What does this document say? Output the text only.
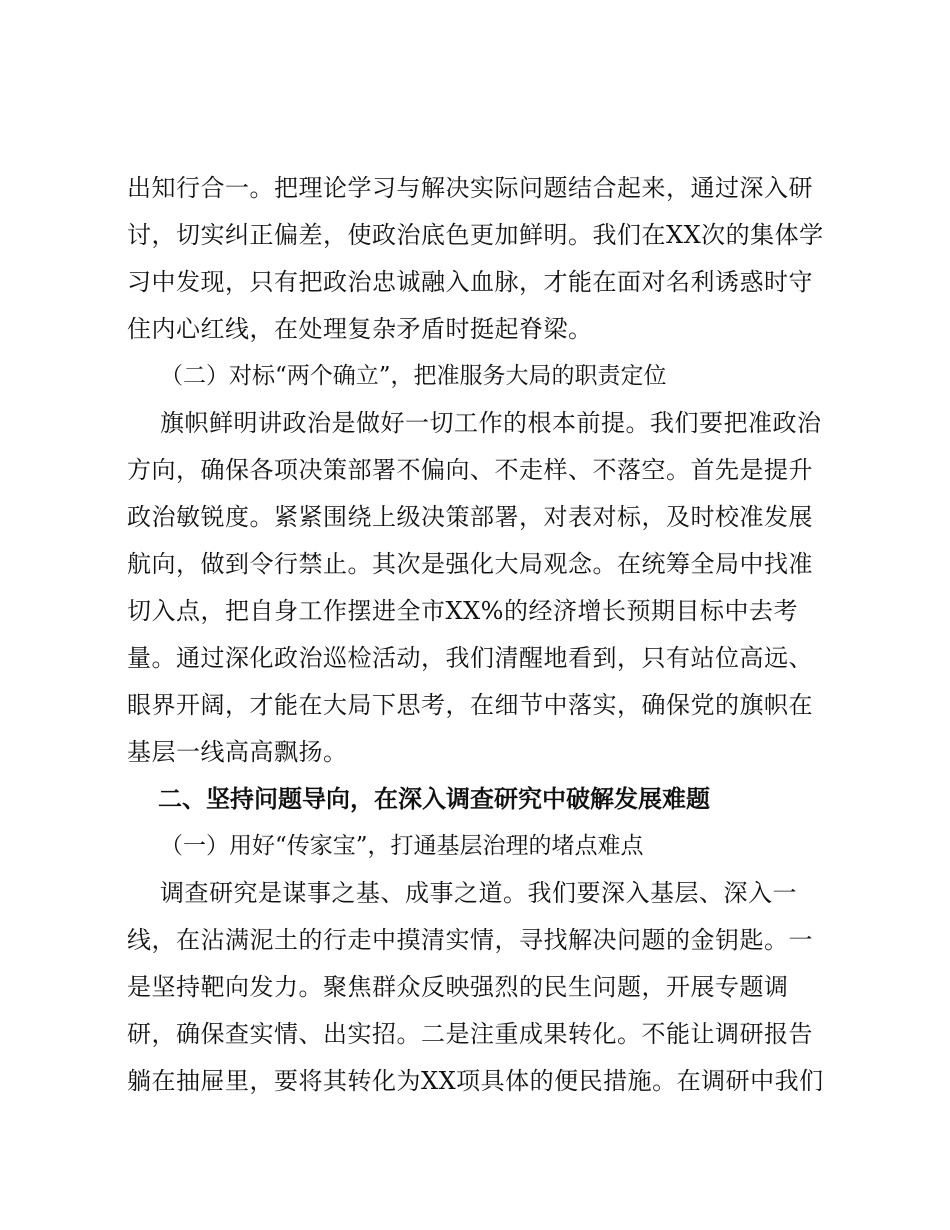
出知行合一。把理论学习与解决实际问题结合起来，通过深入研
讨，切实纠正偏差，使政治底色更加鲜明。我们在XX次的集体学
习中发现，只有把政治忠诚融入血脉，才能在面对名利诱惑时守
住内心红线，在处理复杂矛盾时挺起脊梁。
（二）对标“两个确立”，把准服务大局的职责定位
旗帜鲜明讲政治是做好一切工作的根本前提。我们要把准政治
方向，确保各项决策部署不偏向、不走样、不落空。首先是提升
政治敏锐度。紧紧围绕上级决策部署，对表对标，及时校准发展
航向，做到令行禁止。其次是强化大局观念。在统筹全局中找准
切入点，把自身工作摆进全市XX%的经济增长预期目标中去考
量。通过深化政治巡检活动，我们清醒地看到，只有站位高远、
眼界开阔，才能在大局下思考，在细节中落实，确保党的旗帜在
基层一线高高飘扬。
二、坚持问题导向，在深入调查研究中破解发展难题
（一）用好“传家宝”，打通基层治理的堵点难点
调查研究是谋事之基、成事之道。我们要深入基层、深入一
线，在沾满泥土的行走中摸清实情，寻找解决问题的金钥匙。一
是坚持靶向发力。聚焦群众反映强烈的民生问题，开展专题调
研，确保查实情、出实招。二是注重成果转化。不能让调研报告
躺在抽屉里，要将其转化为XX项具体的便民措施。在调研中我们
